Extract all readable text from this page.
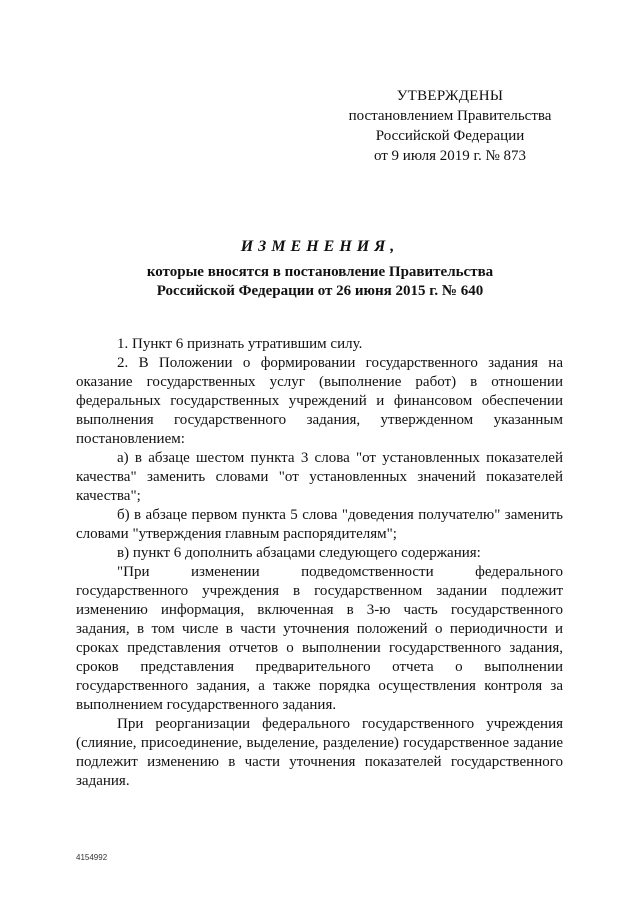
УТВЕРЖДЕНЫ
постановлением Правительства
Российской Федерации
от 9 июля 2019 г. № 873
ИЗМЕНЕНИЯ,
которые вносятся в постановление Правительства
Российской Федерации от 26 июня 2015 г. № 640

1. Пункт 6 признать утратившим силу.

2. В Положении о формировании государственного задания на оказание государственных услуг (выполнение работ) в отношении федеральных государственных учреждений и финансовом обеспечении выполнения государственного задания, утвержденном указанным постановлением:

а) в абзаце шестом пункта 3 слова "от установленных показателей качества" заменить словами "от установленных значений показателей качества";

б) в абзаце первом пункта 5 слова "доведения получателю" заменить словами "утверждения главным распорядителям";

в) пункт 6 дополнить абзацами следующего содержания:

"При изменении подведомственности федерального государственного учреждения в государственном задании подлежит изменению информация, включенная в 3-ю часть государственного задания, в том числе в части уточнения положений о периодичности и сроках представления отчетов о выполнении государственного задания, сроков представления предварительного отчета о выполнении государственного задания, а также порядка осуществления контроля за выполнением государственного задания.

При реорганизации федерального государственного учреждения (слияние, присоединение, выделение, разделение) государственное задание подлежит изменению в части уточнения показателей государственного задания.

4154992
